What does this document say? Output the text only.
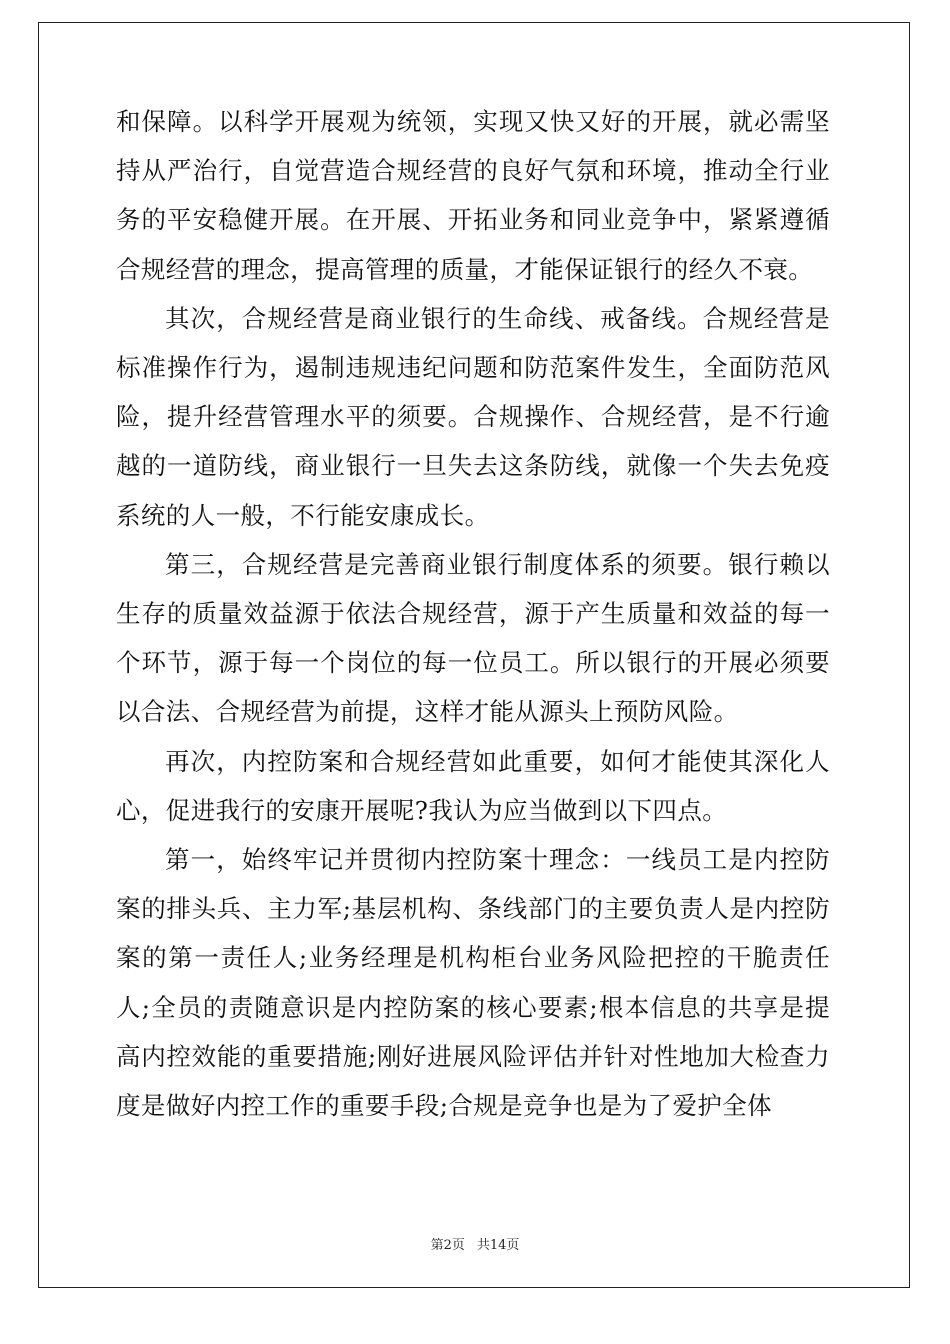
和保障。以科学开展观为统领，实现又快又好的开展，就必需坚持从严治行，自觉营造合规经营的良好气氛和环境，推动全行业务的平安稳健开展。在开展、开拓业务和同业竞争中，紧紧遵循合规经营的理念，提高管理的质量，才能保证银行的经久不衰。

其次，合规经营是商业银行的生命线、戒备线。合规经营是标准操作行为，遏制违规违纪问题和防范案件发生，全面防范风险，提升经营管理水平的须要。合规操作、合规经营，是不行逾越的一道防线，商业银行一旦失去这条防线，就像一个失去免疫系统的人一般，不行能安康成长。

第三，合规经营是完善商业银行制度体系的须要。银行赖以生存的质量效益源于依法合规经营，源于产生质量和效益的每一个环节，源于每一个岗位的每一位员工。所以银行的开展必须要以合法、合规经营为前提，这样才能从源头上预防风险。

再次，内控防案和合规经营如此重要，如何才能使其深化人心，促进我行的安康开展呢?我认为应当做到以下四点。

第一，始终牢记并贯彻内控防案十理念：一线员工是内控防案的排头兵、主力军;基层机构、条线部门的主要负责人是内控防案的第一责任人;业务经理是机构柜台业务风险把控的干脆责任人;全员的责随意识是内控防案的核心要素;根本信息的共享是提高内控效能的重要措施;刚好进展风险评估并针对性地加大检查力度是做好内控工作的重要手段;合规是竞争也是为了爱护全体

第2页 共14页
